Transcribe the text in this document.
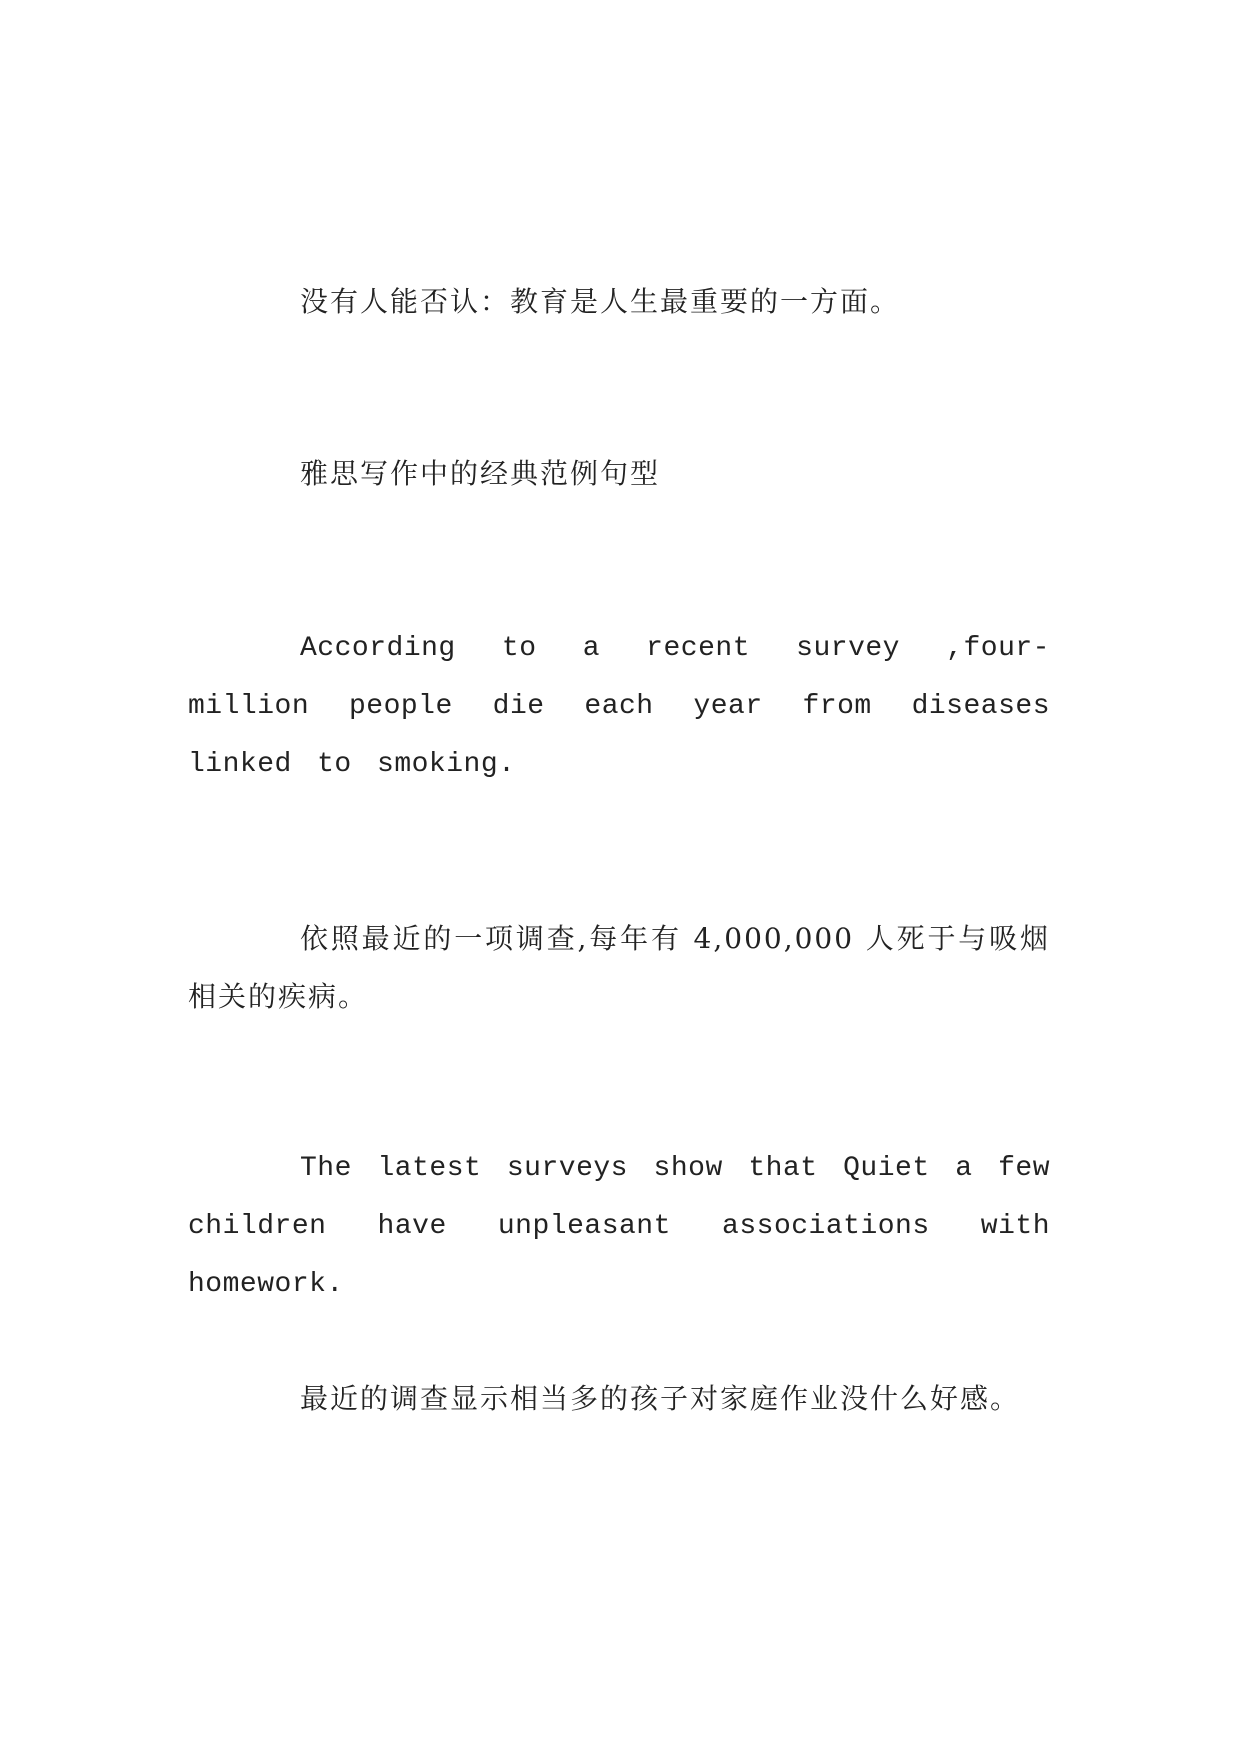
没有人能否认：教育是人生最重要的一方面。

雅思写作中的经典范例句型

According to a recent survey ,four-million people die each year from diseases linked to smoking.

依照最近的一项调查,每年有 4,000,000 人死于与吸烟相关的疾病。

The latest surveys show that Quiet a few children have unpleasant associations with homework.

最近的调查显示相当多的孩子对家庭作业没什么好感。
